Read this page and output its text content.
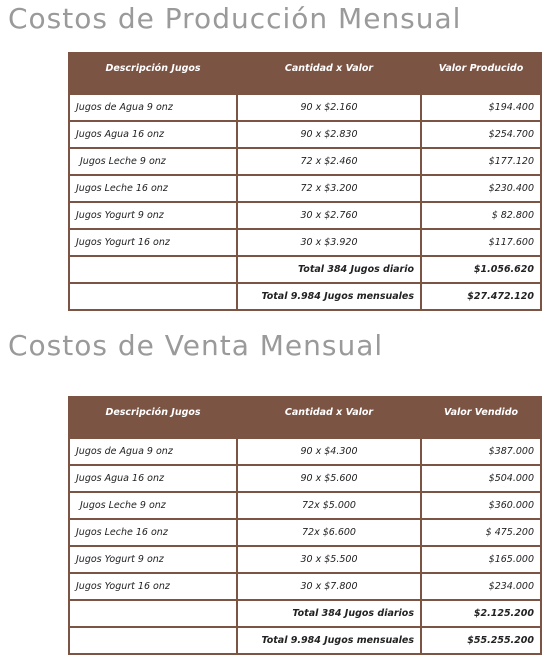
Costos de Producción Mensual
Descripción Jugos	Cantidad x Valor	Valor Producido
Jugos de Agua 9 onz	90 x $2.160	$194.400
Jugos Agua 16 onz	90 x $2.830	$254.700
Jugos Leche 9 onz	72 x $2.460	$177.120
Jugos Leche 16 onz	72 x $3.200	$230.400
Jugos Yogurt 9 onz	30 x $2.760	$ 82.800
Jugos Yogurt 16 onz	30 x $3.920	$117.600
	Total 384 Jugos diario	$1.056.620
	Total 9.984 Jugos mensuales	$27.472.120
Costos de Venta Mensual
Descripción Jugos	Cantidad x Valor	Valor Vendido
Jugos de Agua 9 onz	90 x $4.300	$387.000
Jugos Agua 16 onz	90 x $5.600	$504.000
Jugos Leche 9 onz	72x $5.000	$360.000
Jugos Leche 16 onz	72x $6.600	$ 475.200
Jugos Yogurt 9 onz	30 x $5.500	$165.000
Jugos Yogurt 16 onz	30 x $7.800	$234.000
	Total 384 Jugos diarios	$2.125.200
	Total 9.984 Jugos mensuales	$55.255.200
